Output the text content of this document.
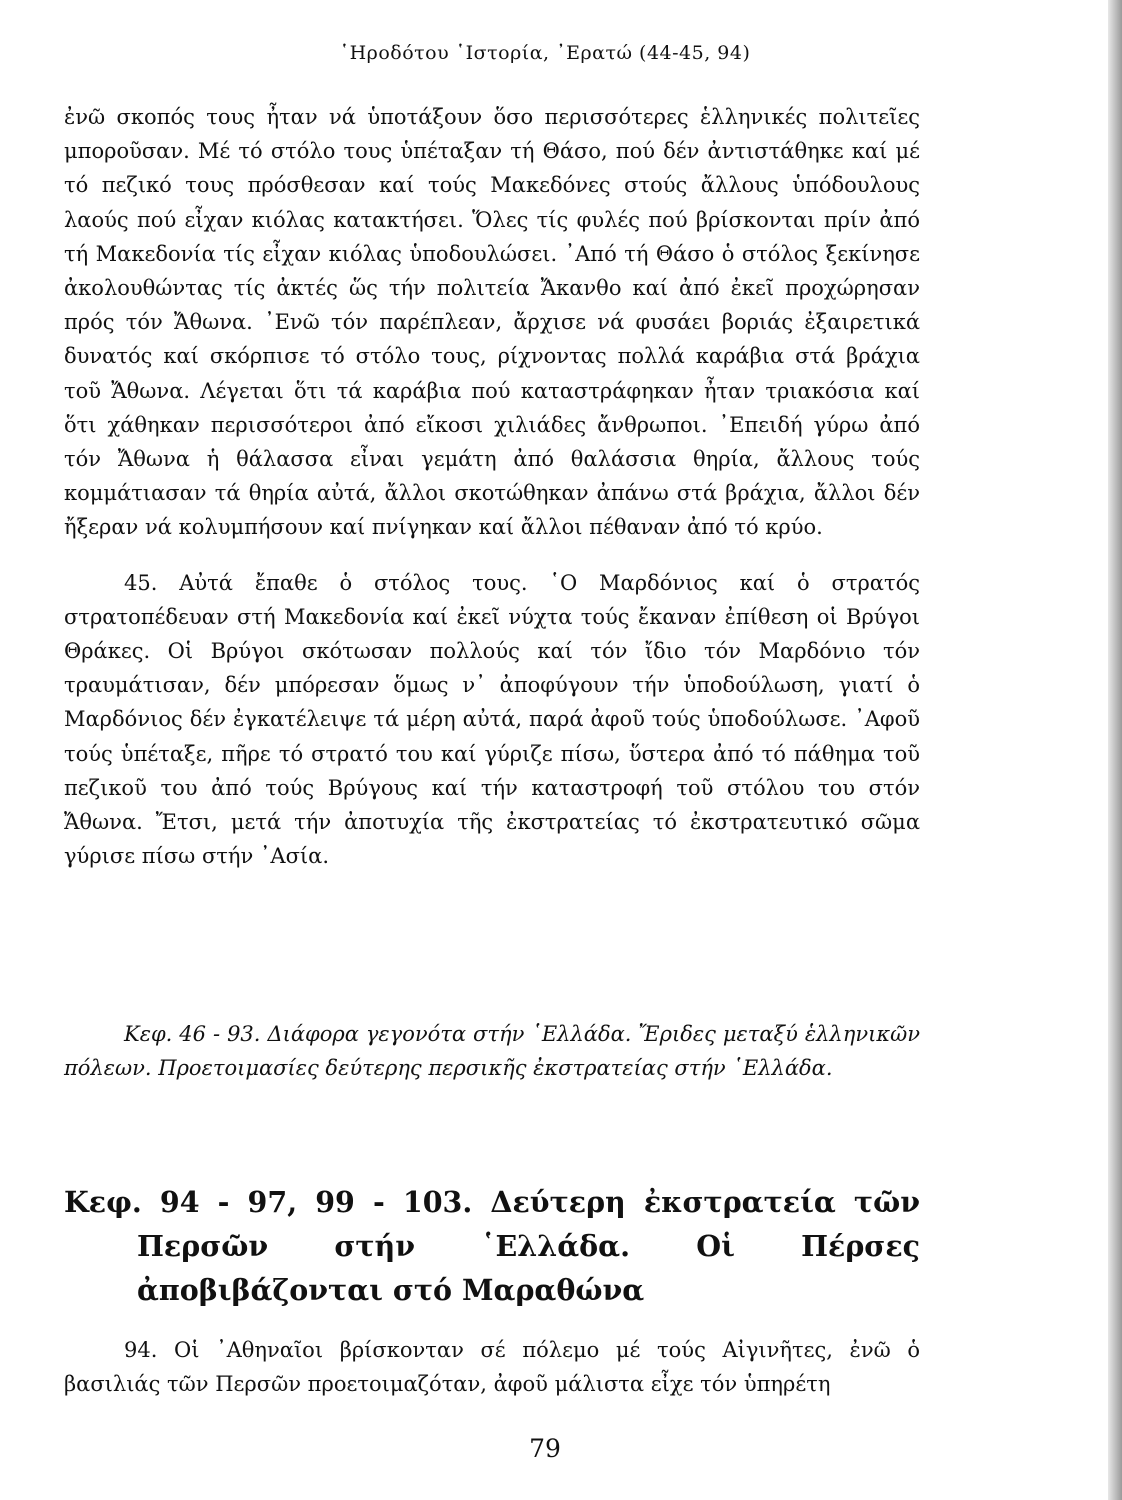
῾Ηροδότου ῾Ιστορία, ᾿Ερατώ (44-45, 94)

ἐνῶ σκοπός τους ἦταν νά ὑποτάξουν ὅσο περισσότερες ἑλληνικές πολιτεῖες μποροῦσαν. Μέ τό στόλο τους ὑπέταξαν τή Θάσο, πού δέν ἀντιστάθηκε καί μέ τό πεζικό τους πρόσθεσαν καί τούς Μακεδόνες στούς ἄλλους ὑπόδουλους λαούς πού εἶχαν κιόλας κατακτήσει. Ὅλες τίς φυλές πού βρίσκονται πρίν ἀπό τή Μακεδονία τίς εἶχαν κιόλας ὑποδουλώσει. ᾿Από τή Θάσο ὁ στόλος ξεκίνησε ἀκολουθώντας τίς ἀκτές ὥς τήν πολιτεία Ἄκανθο καί ἀπό ἐκεῖ προχώρησαν πρός τόν Ἄθωνα. ᾿Ενῶ τόν παρέπλεαν, ἄρχισε νά φυσάει βοριάς ἐξαιρετικά δυνατός καί σκόρπισε τό στόλο τους, ρίχνοντας πολλά καράβια στά βράχια τοῦ Ἄθωνα. Λέγεται ὅτι τά καράβια πού καταστράφηκαν ἦταν τριακόσια καί ὅτι χάθηκαν περισσότεροι ἀπό εἴκοσι χιλιάδες ἄνθρωποι. ᾿Επειδή γύρω ἀπό τόν Ἄθωνα ἡ θάλασσα εἶναι γεμάτη ἀπό θαλάσσια θηρία, ἄλλους τούς κομμάτιασαν τά θηρία αὐτά, ἄλλοι σκοτώθηκαν ἀπάνω στά βράχια, ἄλλοι δέν ἤξεραν νά κολυμπήσουν καί πνίγηκαν καί ἄλλοι πέθαναν ἀπό τό κρύο.

45. Αὐτά ἔπαθε ὁ στόλος τους. ῾Ο Μαρδόνιος καί ὁ στρατός στρατοπέδευαν στή Μακεδονία καί ἐκεῖ νύχτα τούς ἔκαναν ἐπίθεση οἱ Βρύγοι Θράκες. Οἱ Βρύγοι σκότωσαν πολλούς καί τόν ἴδιο τόν Μαρδόνιο τόν τραυμάτισαν, δέν μπόρεσαν ὅμως ν᾿ ἀποφύγουν τήν ὑποδούλωση, γιατί ὁ Μαρδόνιος δέν ἐγκατέλειψε τά μέρη αὐτά, παρά ἀφοῦ τούς ὑποδούλωσε. ᾿Αφοῦ τούς ὑπέταξε, πῆρε τό στρατό του καί γύριζε πίσω, ὕστερα ἀπό τό πάθημα τοῦ πεζικοῦ του ἀπό τούς Βρύγους καί τήν καταστροφή τοῦ στόλου του στόν Ἄθωνα. Ἔτσι, μετά τήν ἀποτυχία τῆς ἐκστρατείας τό ἐκστρατευτικό σῶμα γύρισε πίσω στήν ᾿Ασία.

Κεφ. 46 - 93. Διάφορα γεγονότα στήν ῾Ελλάδα. Ἔριδες μεταξύ ἑλληνικῶν πόλεων. Προετοιμασίες δεύτερης περσικῆς ἐκστρατείας στήν ῾Ελλάδα.
Κεφ. 94 - 97, 99 - 103. Δεύτερη ἐκστρατεία τῶν Περσῶν στήν ῾Ελλάδα. Οἱ Πέρσες ἀποβιβάζονται στό Μαραθώνα
94. Οἱ ᾿Αθηναῖοι βρίσκονταν σέ πόλεμο μέ τούς Αἰγινῆτες, ἐνῶ ὁ βασιλιάς τῶν Περσῶν προετοιμαζόταν, ἀφοῦ μάλιστα εἶχε τόν ὑπηρέτη
79
